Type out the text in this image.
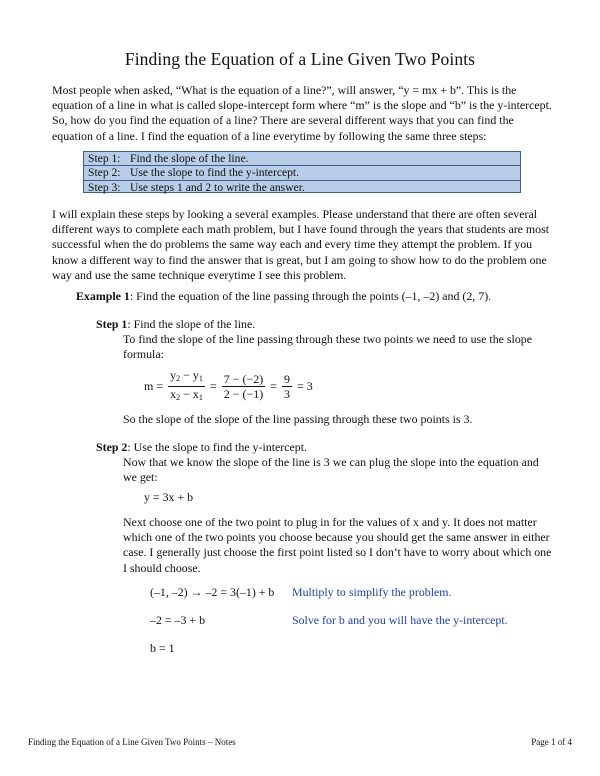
Finding the Equation of a Line Given Two Points
Most people when asked, “What is the equation of a line?”, will answer, “y = mx + b”. This is the equation of a line in what is called slope-intercept form where “m” is the slope and “b” is the y-intercept. So, how do you find the equation of a line? There are several different ways that you can find the equation of a line. I find the equation of a line everytime by following the same three steps:
Step 1: Find the slope of the line.
Step 2: Use the slope to find the y-intercept.
Step 3: Use steps 1 and 2 to write the answer.
I will explain these steps by looking a several examples. Please understand that there are often several different ways to complete each math problem, but I have found through the years that students are most successful when the do problems the same way each and every time they attempt the problem. If you know a different way to find the answer that is great, but I am going to show how to do the problem one way and use the same technique everytime I see this problem.
Example 1: Find the equation of the line passing through the points (–1, –2) and (2, 7).
Step 1: Find the slope of the line.
To find the slope of the line passing through these two points we need to use the slope formula:
$m = \frac{y_2 - y_1}{x_2 - x_1} = \frac{7 - (-2)}{2 - (-1)} = \frac{9}{3} = 3$
So the slope of the slope of the line passing through these two points is 3.
Step 2: Use the slope to find the y-intercept.
Now that we know the slope of the line is 3 we can plug the slope into the equation and we get:
y = 3x + b
Next choose one of the two point to plug in for the values of x and y. It does not matter which one of the two points you choose because you should get the same answer in either case. I generally just choose the first point listed so I don’t have to worry about which one I should choose.
(–1, –2) → –2 = 3(–1) + b Multiply to simplify the problem.
–2 = –3 + b	Solve for b and you will have the y-intercept.
b = 1
Finding the Equation of a Line Given Two Points – Notes	Page 1 of 4
